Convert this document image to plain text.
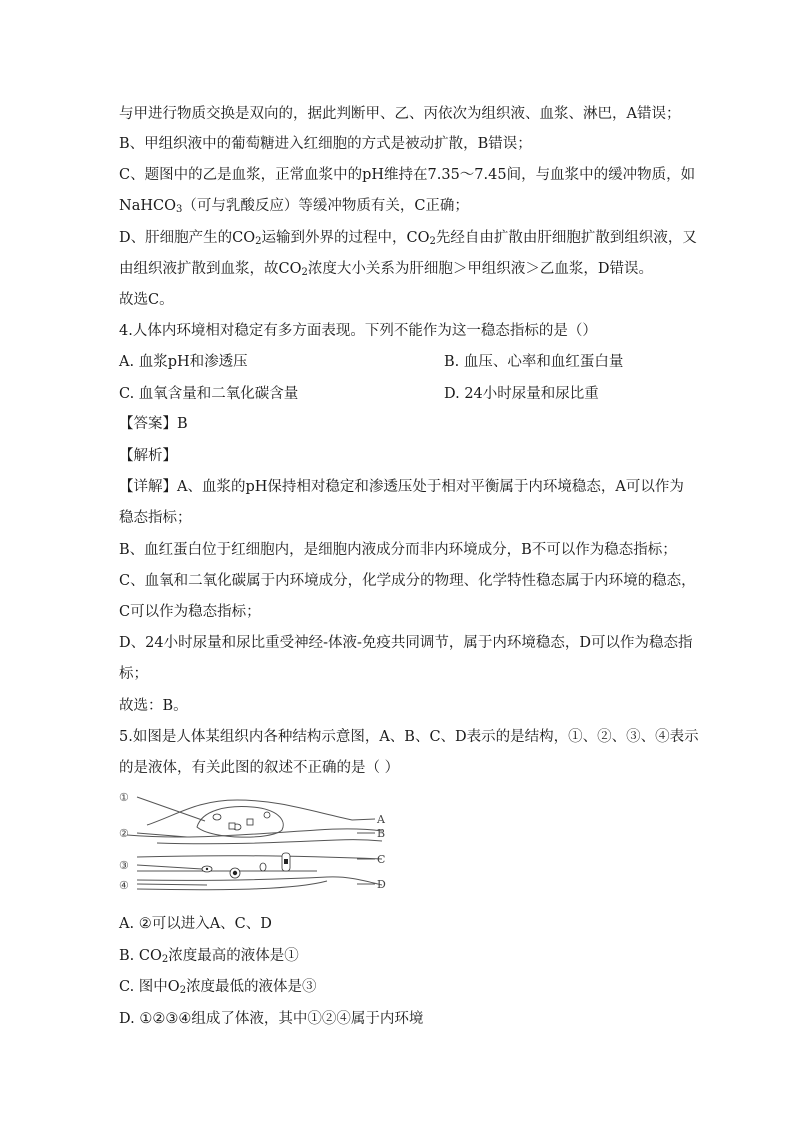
与甲进行物质交换是双向的，据此判断甲、乙、丙依次为组织液、血浆、淋巴，A错误；
B、甲组织液中的葡萄糖进入红细胞的方式是被动扩散，B错误；
C、题图中的乙是血浆，正常血浆中的pH维持在7.35～7.45间，与血浆中的缓冲物质，如
NaHCO$_3$（可与乳酸反应）等缓冲物质有关，C正确；
D、肝细胞产生的$CO_2$运输到外界的过程中，$CO_2$先经自由扩散由肝细胞扩散到组织液，又
由组织液扩散到血浆，故$CO_2$浓度大小关系为肝细胞＞甲组织液＞乙血浆，D错误。
故选C。
4.人体内环境相对稳定有多方面表现。下列不能作为这一稳态指标的是（）
A. 血浆pH和渗透压	B. 血压、心率和血红蛋白量
C. 血氧含量和二氧化碳含量	D. 24小时尿量和尿比重
【答案】B
【解析】
【详解】A、血浆的pH保持相对稳定和渗透压处于相对平衡属于内环境稳态，A可以作为
稳态指标；
B、血红蛋白位于红细胞内，是细胞内液成分而非内环境成分，B不可以作为稳态指标；
C、血氧和二氧化碳属于内环境成分，化学成分的物理、化学特性稳态属于内环境的稳态，
C可以作为稳态指标；
D、24小时尿量和尿比重受神经-体液-免疫共同调节，属于内环境稳态，D可以作为稳态指
标；
故选：B。
5.如图是人体某组织内各种结构示意图，A、B、C、D表示的是结构，①、②、③、④表示
的是液体，有关此图的叙述不正确的是（ ）
①
②
③
④
A
B
C
D
A. ②可以进入A、C、D
B. $CO_2$浓度最高的液体是①
C. 图中$O_2$浓度最低的液体是③
D. ①②③④组成了体液，其中①②④属于内环境
